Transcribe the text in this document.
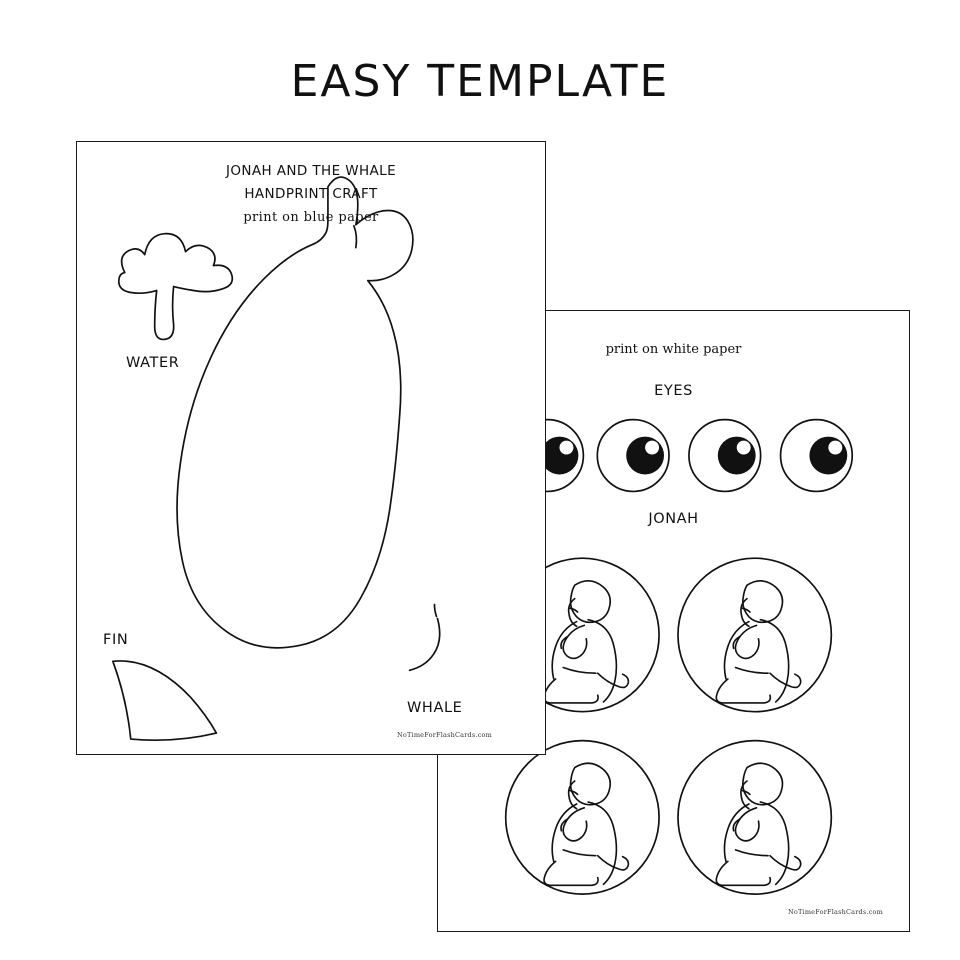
EASY TEMPLATE
print on white paper
EYES
JONAH
NoTimeForFlashCards.com
JONAH AND THE WHALE
HANDPRINT CRAFT
print on blue paper
WATER
FIN
WHALE
NoTimeForFlashCards.com
